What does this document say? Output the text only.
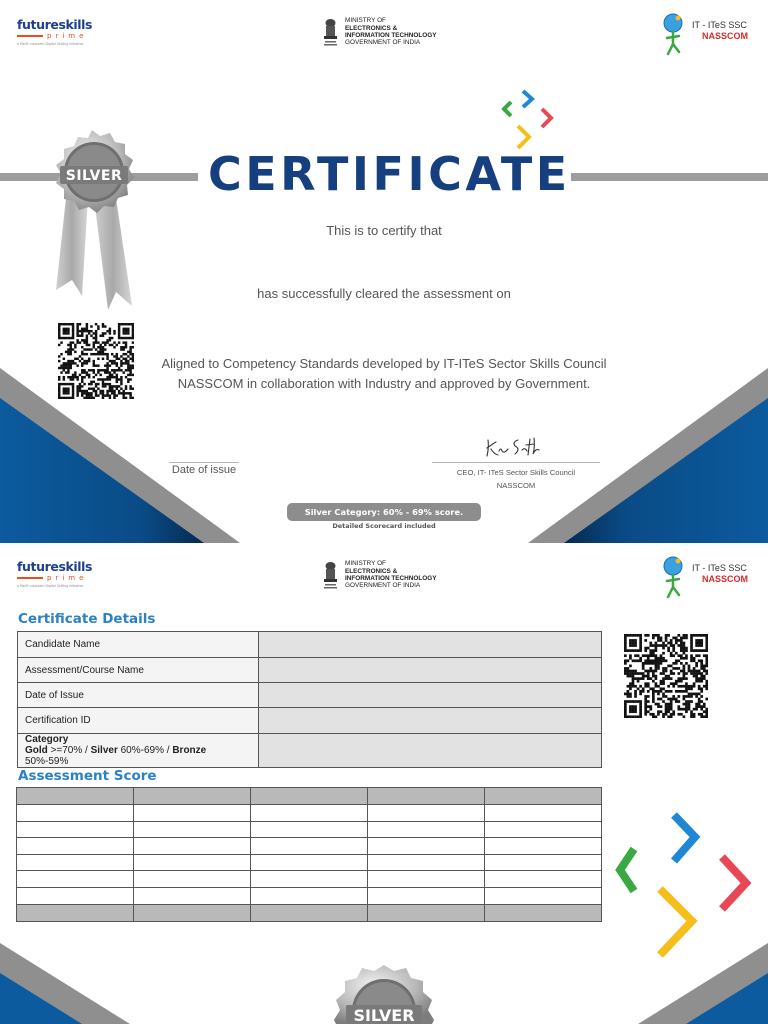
futureskills
prime
a MeitY–nasscom Digital Skilling Initiative
MINISTRY OF
ELECTRONICS &
INFORMATION TECHNOLOGY
GOVERNMENT OF INDIA
IT - ITeS SSC
NASSCOM
SILVER CERTIFICATE
This is to certify that
has successfully cleared the assessment on
Aligned to Competency Standards developed by IT-ITeS Sector Skills Council
NASSCOM in collaboration with Industry and approved by Government.
Date of issue	CEO, IT- ITeS Sector Skills Council
NASSCOM
Silver Category: 60% - 69% score.
Detailed Scorecard included
futureskills
prime
a MeitY–nasscom Digital Skilling Initiative
MINISTRY OF
ELECTRONICS &
INFORMATION TECHNOLOGY
GOVERNMENT OF INDIA
IT - ITeS SSC
NASSCOM
Certificate Details
Candidate Name	
Assessment/Course Name	
Date of Issue	
Certification ID	

Category
Gold >=70% / Silver 60%-69% / Bronze 50%-59%	

Assessment Score

SILVER
